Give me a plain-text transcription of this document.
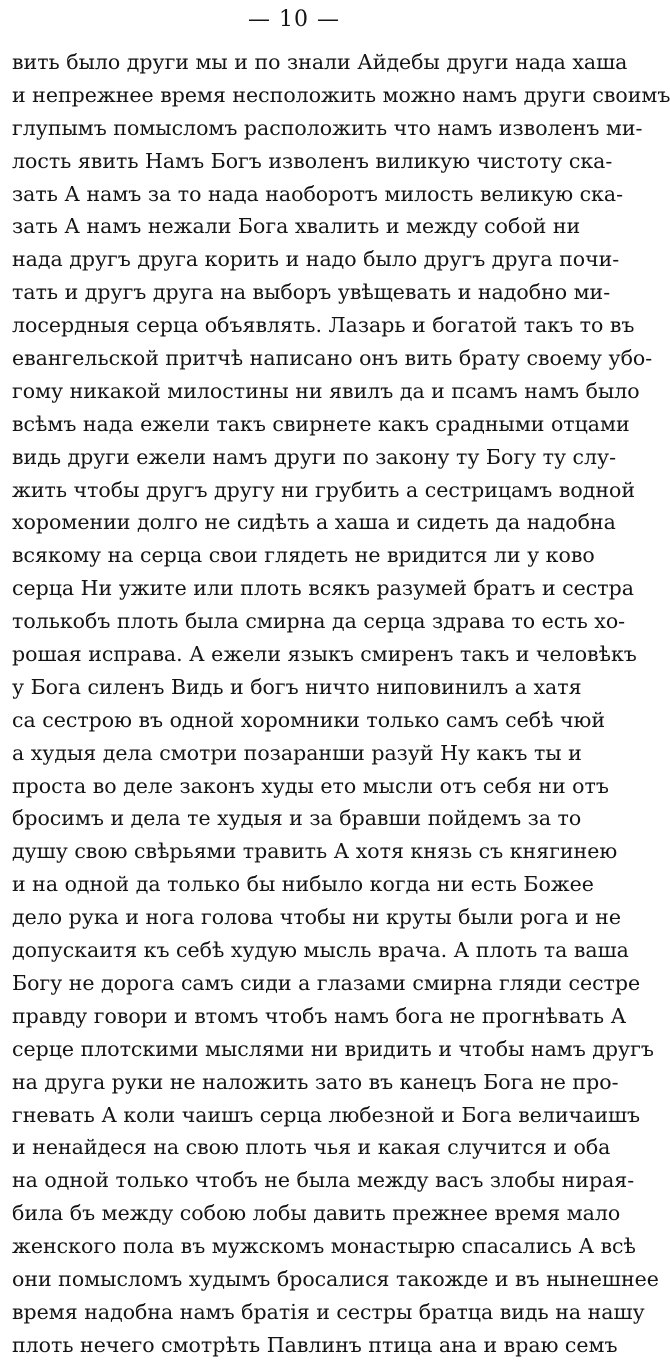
— 10 —
вить было други мы и по знали Айдебы други нада хаша
и непрежнее время несположить можно намъ други своимъ
глупымъ помысломъ расположить что намъ изволенъ ми-
лость явить Намъ Богъ изволенъ виликую чистоту ска-
зать А намъ за то нада наоборотъ милость великую ска-
зать А намъ нежали Бога хвалить и между собой ни
нада другъ друга корить и надо было другъ друга почи-
тать и другъ друга на выборъ увѣщевать и надобно ми-
лосердныя серца объявлять. Лазарь и богатой такъ то въ
евангельской притчѣ написано онъ вить брату своему убо-
гому никакой милостины ни явилъ да и псамъ намъ было
всѣмъ нада ежели такъ свирнете какъ срадными отцами
видь други ежели намъ други по закону ту Богу ту слу-
жить чтобы другъ другу ни грубить а сестрицамъ водной
хоромении долго не сидѣть а хаша и сидеть да надобна
всякому на серца свои глядеть не вридится ли у ково
серца Ни ужите или плоть всякъ разумей братъ и сестра
толькобъ плоть была смирна да серца здрава то есть хо-
рошая исправа. А ежели языкъ смиренъ такъ и человѣкъ
у Бога силенъ Видь и богъ ничто ниповинилъ а хатя
са сестрою въ одной хоромники только самъ себѣ чюй
а худыя дела смотри позаранши разуй Ну какъ ты и
проста во деле законъ худы ето мысли отъ себя ни отъ
бросимъ и дела те худыя и за бравши пойдемъ за то
душу свою свѣрьями травить А хотя князь съ княгинею
и на одной да только бы нибыло когда ни есть Божее
дело рука и нога голова чтобы ни круты были рога и не
допускаитя къ себѣ худую мысль врача. А плоть та ваша
Богу не дорога самъ сиди а глазами смирна гляди сестре
правду говори и втомъ чтобъ намъ бога не прогнѣвать А
серце плотскими мыслями ни вридить и чтобы намъ другъ
на друга руки не наложить зато въ канецъ Бога не про-
гневать А коли чаишъ серца любезной и Бога величаишъ
и ненайдеся на свою плоть чья и какая случится и оба
на одной только чтобъ не была между васъ злобы нирая-
била бъ между собою лобы давить прежнее время мало
женского пола въ мужскомъ монастырю спасались А всѣ
они помысломъ худымъ бросалися такожде и въ нынешнее
время надобна намъ братія и сестры братца видь на нашу
плоть нечего смотрѣть Павлинъ птица ана и враю семъ
